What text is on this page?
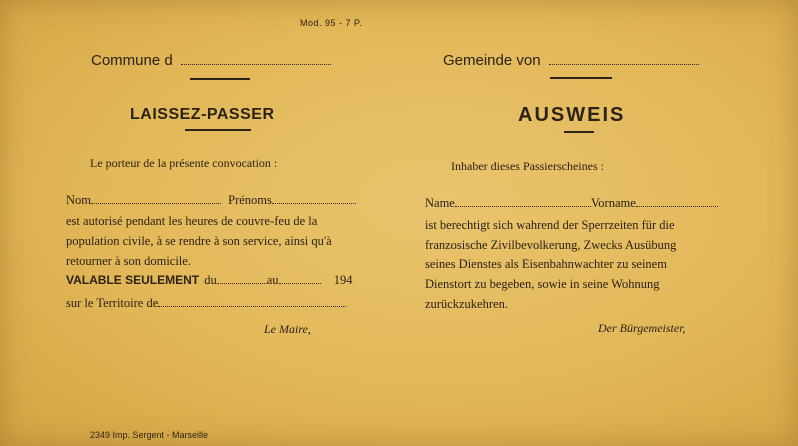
Mod. 95 - 7 P.
Commune d	Gemeinde von
LAISSEZ-PASSER	AUSWEIS
Le porteur de la présente convocation :	Inhaber dieses Passierscheines :
Nom	Prénoms
est autorisé pendant les heures de couvre-feu de la
population civile, à se rendre à son service, ainsi qu'à
retourner à son domicile.
VALABLE SEULEMENT du	au	194
sur le Territoire de
Le Maire,
Name	Vorname
ist berechtigt sich wahrend der Sperrzeiten für die
franzosische Zivilbevolkerung, Zwecks Ausübung
seines Dienstes als Eisenbahnwachter zu seinem
Dienstort zu begeben, sowie in seine Wohnung
zurückzukehren.
Der Bürgemeister,
2349 Imp. Sergent - Marseille
